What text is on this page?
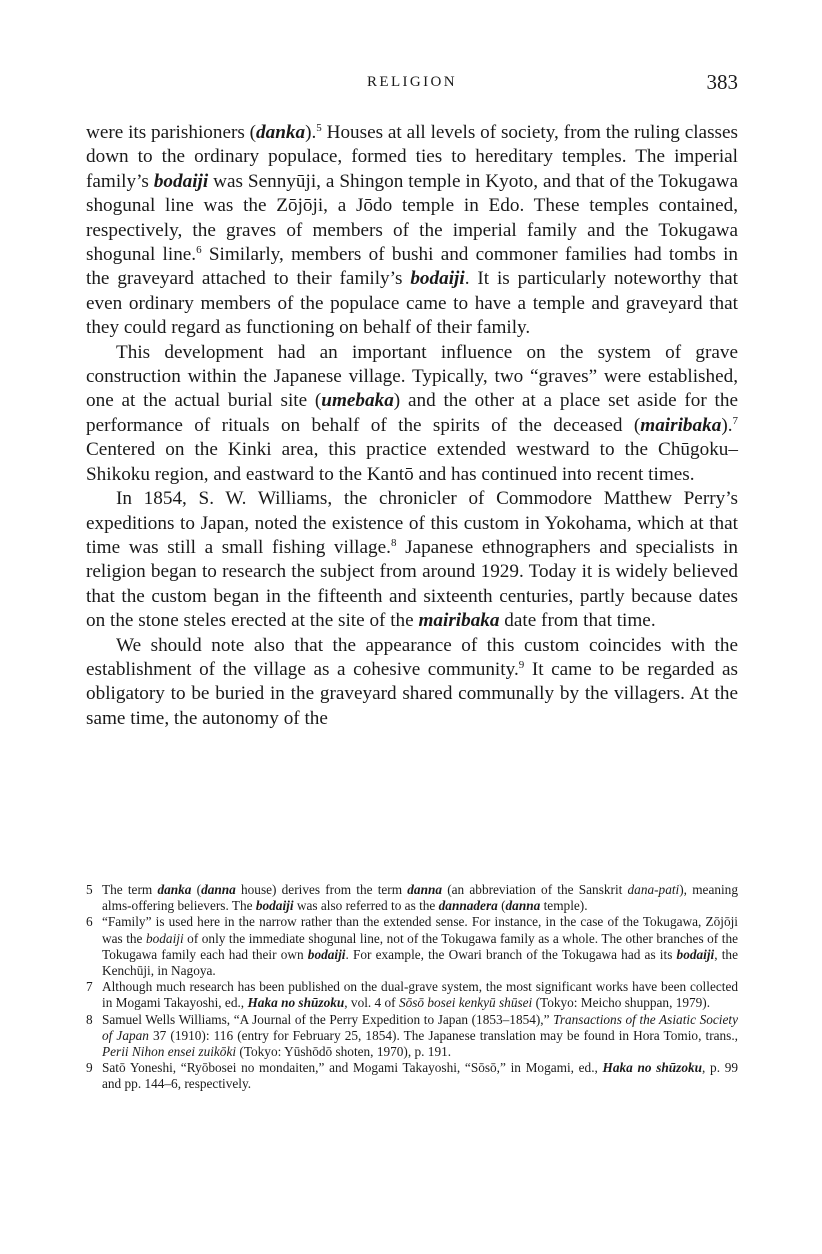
RELIGION	383

were its parishioners (danka).$^5$ Houses at all levels of society, from the ruling classes down to the ordinary populace, formed ties to hereditary temples. The imperial family’s bodaiji was Sennyūji, a Shingon temple in Kyoto, and that of the Tokugawa shogunal line was the Zōjōji, a Jōdo temple in Edo. These temples contained, respectively, the graves of members of the imperial family and the Tokugawa shogunal line.$^6$ Similarly, members of bushi and commoner families had tombs in the graveyard attached to their family’s bodaiji. It is particularly noteworthy that even ordinary members of the populace came to have a temple and graveyard that they could regard as functioning on behalf of their family.

This development had an important influence on the system of grave construction within the Japanese village. Typically, two “graves” were established, one at the actual burial site (umebaka) and the other at a place set aside for the performance of rituals on behalf of the spirits of the deceased (mairibaka).$^7$ Centered on the Kinki area, this practice extended westward to the Chūgoku–Shikoku region, and eastward to the Kantō and has continued into recent times.

In 1854, S. W. Williams, the chronicler of Commodore Matthew Perry’s expeditions to Japan, noted the existence of this custom in Yokohama, which at that time was still a small fishing village.$^8$ Japanese ethnographers and specialists in religion began to research the subject from around 1929. Today it is widely believed that the custom began in the fifteenth and sixteenth centuries, partly because dates on the stone steles erected at the site of the mairibaka date from that time.

We should note also that the appearance of this custom coincides with the establishment of the village as a cohesive community.$^9$ It came to be regarded as obligatory to be buried in the graveyard shared communally by the villagers. At the same time, the autonomy of the

5 The term danka (danna house) derives from the term danna (an abbreviation of the Sanskrit dana-pati), meaning alms-offering believers. The bodaiji was also referred to as the dannadera (danna temple).
6 “Family” is used here in the narrow rather than the extended sense. For instance, in the case of the Tokugawa, Zōjōji was the bodaiji of only the immediate shogunal line, not of the Tokugawa family as a whole. The other branches of the Tokugawa family each had their own bodaiji. For example, the Owari branch of the Tokugawa had as its bodaiji, the Kenchūji, in Nagoya.
7 Although much research has been published on the dual-grave system, the most significant works have been collected in Mogami Takayoshi, ed., Haka no shūzoku, vol. 4 of Sōsō bosei kenkyū shūsei (Tokyo: Meicho shuppan, 1979).
8 Samuel Wells Williams, “A Journal of the Perry Expedition to Japan (1853–1854),” Transactions of the Asiatic Society of Japan 37 (1910): 116 (entry for February 25, 1854). The Japanese translation may be found in Hora Tomio, trans., Perii Nihon ensei zuikōki (Tokyo: Yūshōdō shoten, 1970), p. 191.
9 Satō Yoneshi, “Ryōbosei no mondaiten,” and Mogami Takayoshi, “Sōsō,” in Mogami, ed., Haka no shūzoku, p. 99 and pp. 144–6, respectively.
